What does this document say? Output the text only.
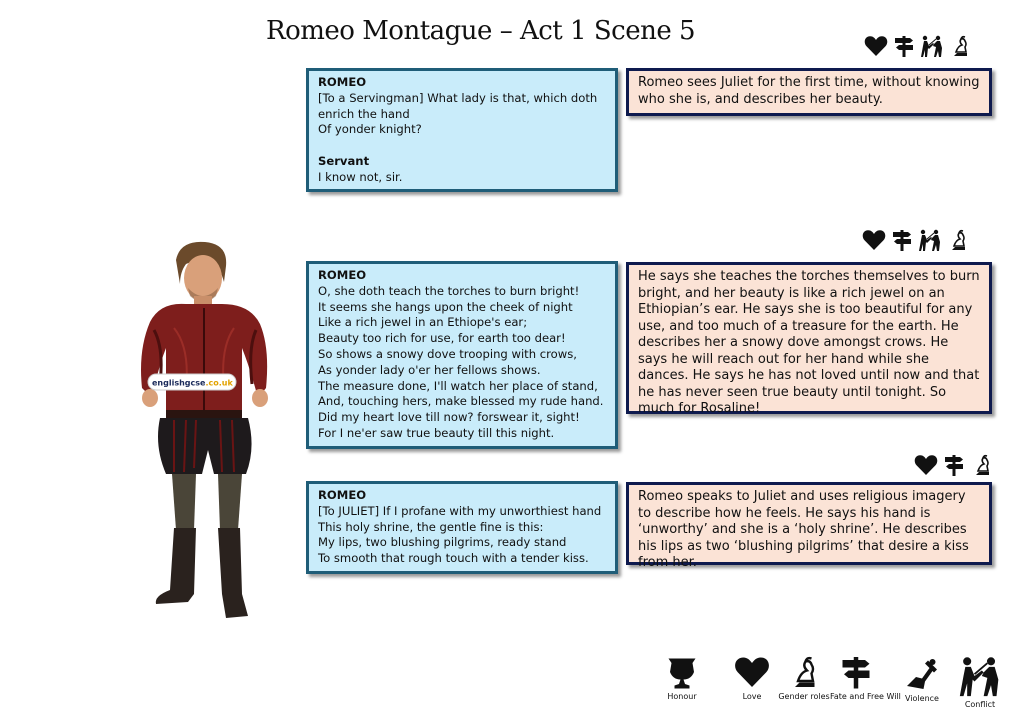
Romeo Montague – Act 1 Scene 5
ROMEO
[To a Servingman] What lady is that, which doth
enrich the hand
Of yonder knight?
Servant
I know not, sir.
Romeo sees Juliet for the first time, without knowing who she is, and describes her beauty.
ROMEO
O, she doth teach the torches to burn bright!
It seems she hangs upon the cheek of night
Like a rich jewel in an Ethiope's ear;
Beauty too rich for use, for earth too dear!
So shows a snowy dove trooping with crows,
As yonder lady o'er her fellows shows.
The measure done, I'll watch her place of stand,
And, touching hers, make blessed my rude hand.
Did my heart love till now? forswear it, sight!
For I ne'er saw true beauty till this night.
He says she teaches the torches themselves to burn bright, and her beauty is like a rich jewel on an Ethiopian’s ear. He says she is too beautiful for any use, and too much of a treasure for the earth. He describes her a snowy dove amongst crows. He says he will reach out for her hand while she dances. He says he has not loved until now and that he has never seen true beauty until tonight. So much for Rosaline!
ROMEO
[To JULIET] If I profane with my unworthiest hand
This holy shrine, the gentle fine is this:
My lips, two blushing pilgrims, ready stand
To smooth that rough touch with a tender kiss.
Romeo speaks to Juliet and uses religious imagery to describe how he feels. He says his hand is ‘unworthy’ and she is a ‘holy shrine’. He describes his lips as two ‘blushing pilgrims’ that desire a kiss from her.
englishgcse.co.uk
Honour	Love	Gender roles Fate and Free Will Violence
Conflict
